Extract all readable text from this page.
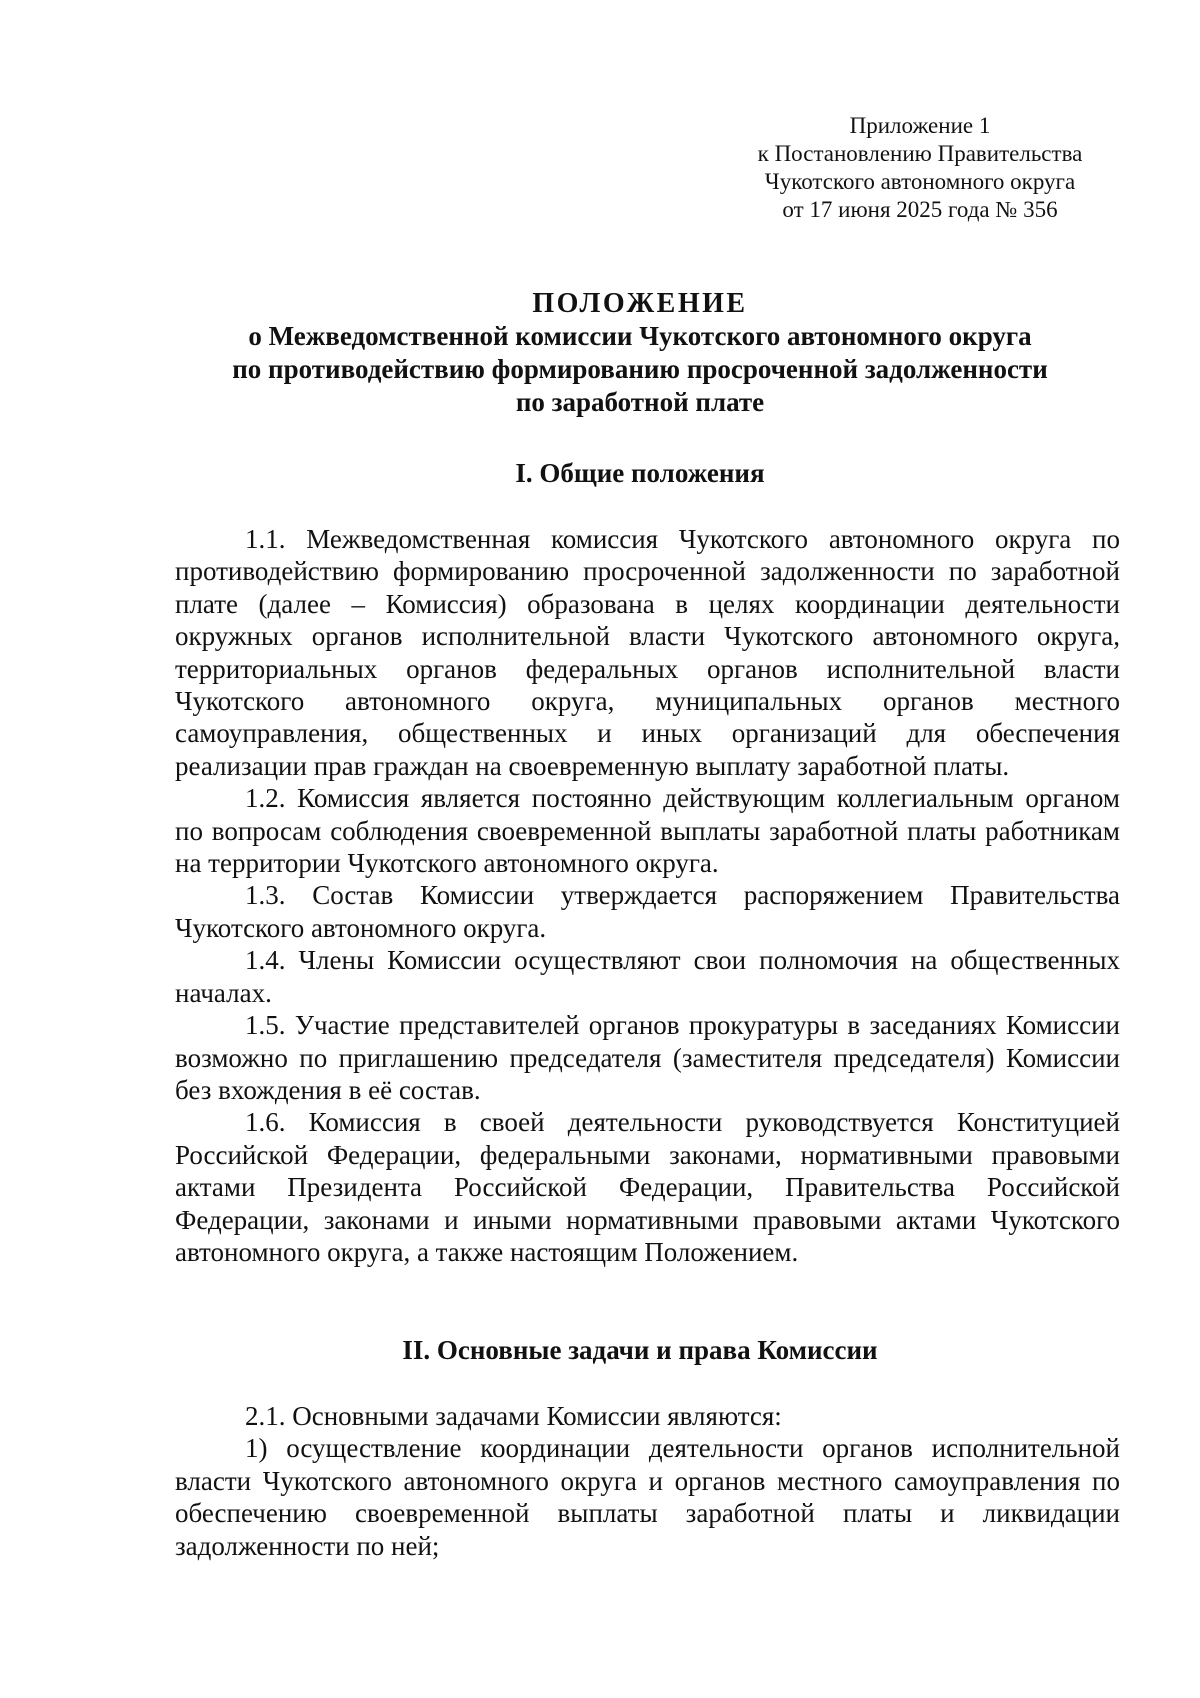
Приложение 1
к Постановлению Правительства
Чукотского автономного округа
от 17 июня 2025 года № 356
ПОЛОЖЕНИЕ
о Межведомственной комиссии Чукотского автономного округа
по противодействию формированию просроченной задолженности
по заработной плате
I. Общие положения

1.1. Межведомственная комиссия Чукотского автономного округа по противодействию формированию просроченной задолженности по заработной плате (далее – Комиссия) образована в целях координации деятельности окружных органов исполнительной власти Чукотского автономного округа, территориальных органов федеральных органов исполнительной власти Чукотского автономного округа, муниципальных органов местного самоуправления, общественных и иных организаций для обеспечения реализации прав граждан на своевременную выплату заработной платы.

1.2. Комиссия является постоянно действующим коллегиальным органом по вопросам соблюдения своевременной выплаты заработной платы работникам на территории Чукотского автономного округа.

1.3. Состав Комиссии утверждается распоряжением Правительства Чукотского автономного округа.

1.4. Члены Комиссии осуществляют свои полномочия на общественных началах.

1.5. Участие представителей органов прокуратуры в заседаниях Комиссии возможно по приглашению председателя (заместителя председателя) Комиссии без вхождения в её состав.

1.6. Комиссия в своей деятельности руководствуется Конституцией Российской Федерации, федеральными законами, нормативными правовыми актами Президента Российской Федерации, Правительства Российской Федерации, законами и иными нормативными правовыми актами Чукотского автономного округа, а также настоящим Положением.

II. Основные задачи и права Комиссии

2.1. Основными задачами Комиссии являются:

1) осуществление координации деятельности органов исполнительной власти Чукотского автономного округа и органов местного самоуправления по обеспечению своевременной выплаты заработной платы и ликвидации задолженности по ней;
